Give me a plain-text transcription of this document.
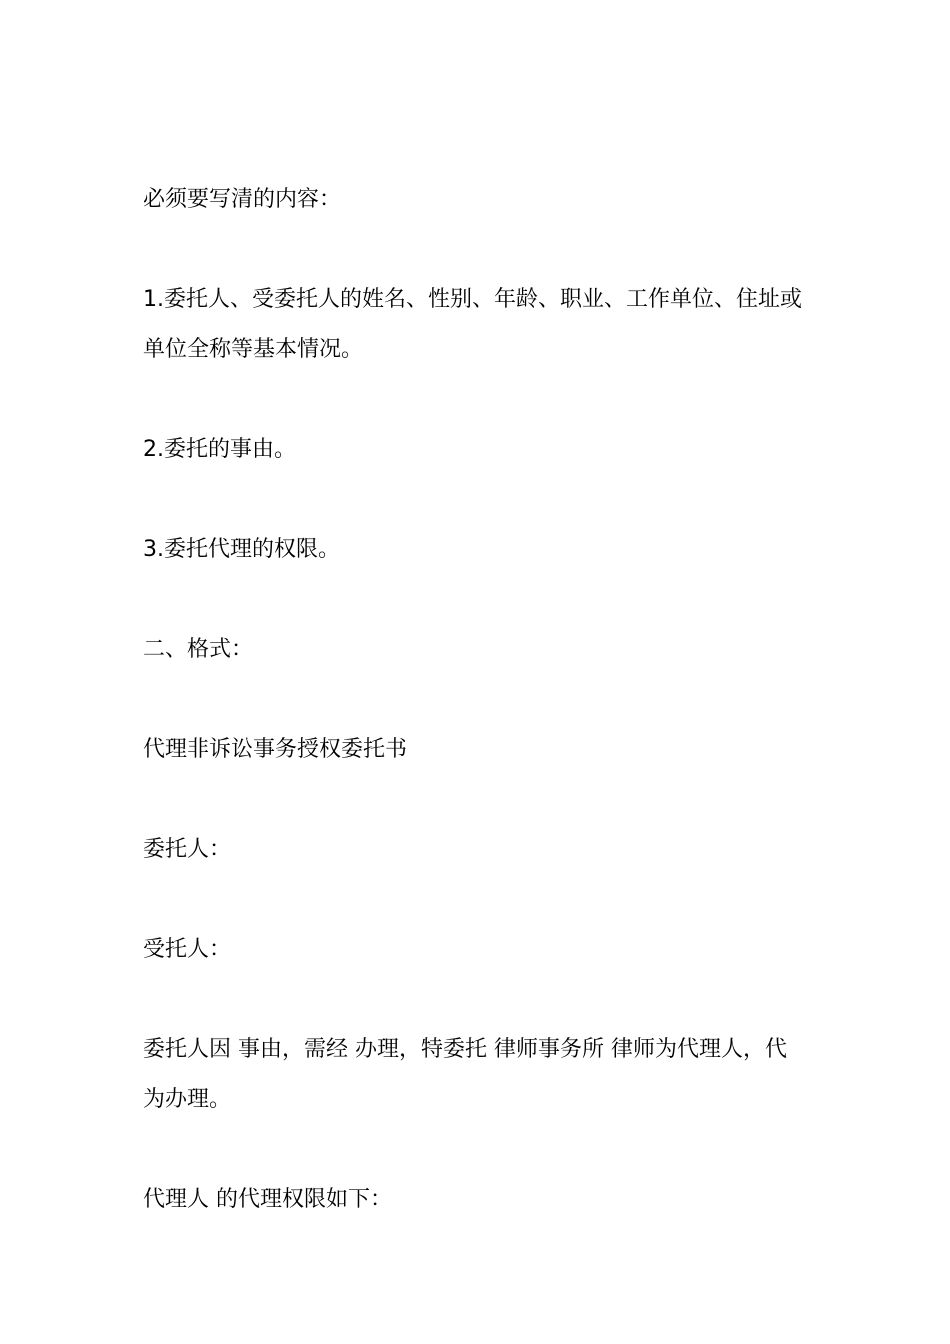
必须要写清的内容：

1.委托人、受委托人的姓名、性别、年龄、职业、工作单位、住址或单位全称等基本情况。

2.委托的事由。

3.委托代理的权限。

二、格式：

代理非诉讼事务授权委托书

委托人：

受托人：

委托人因 事由，需经 办理，特委托 律师事务所 律师为代理人，代为办理。

代理人 的代理权限如下：
